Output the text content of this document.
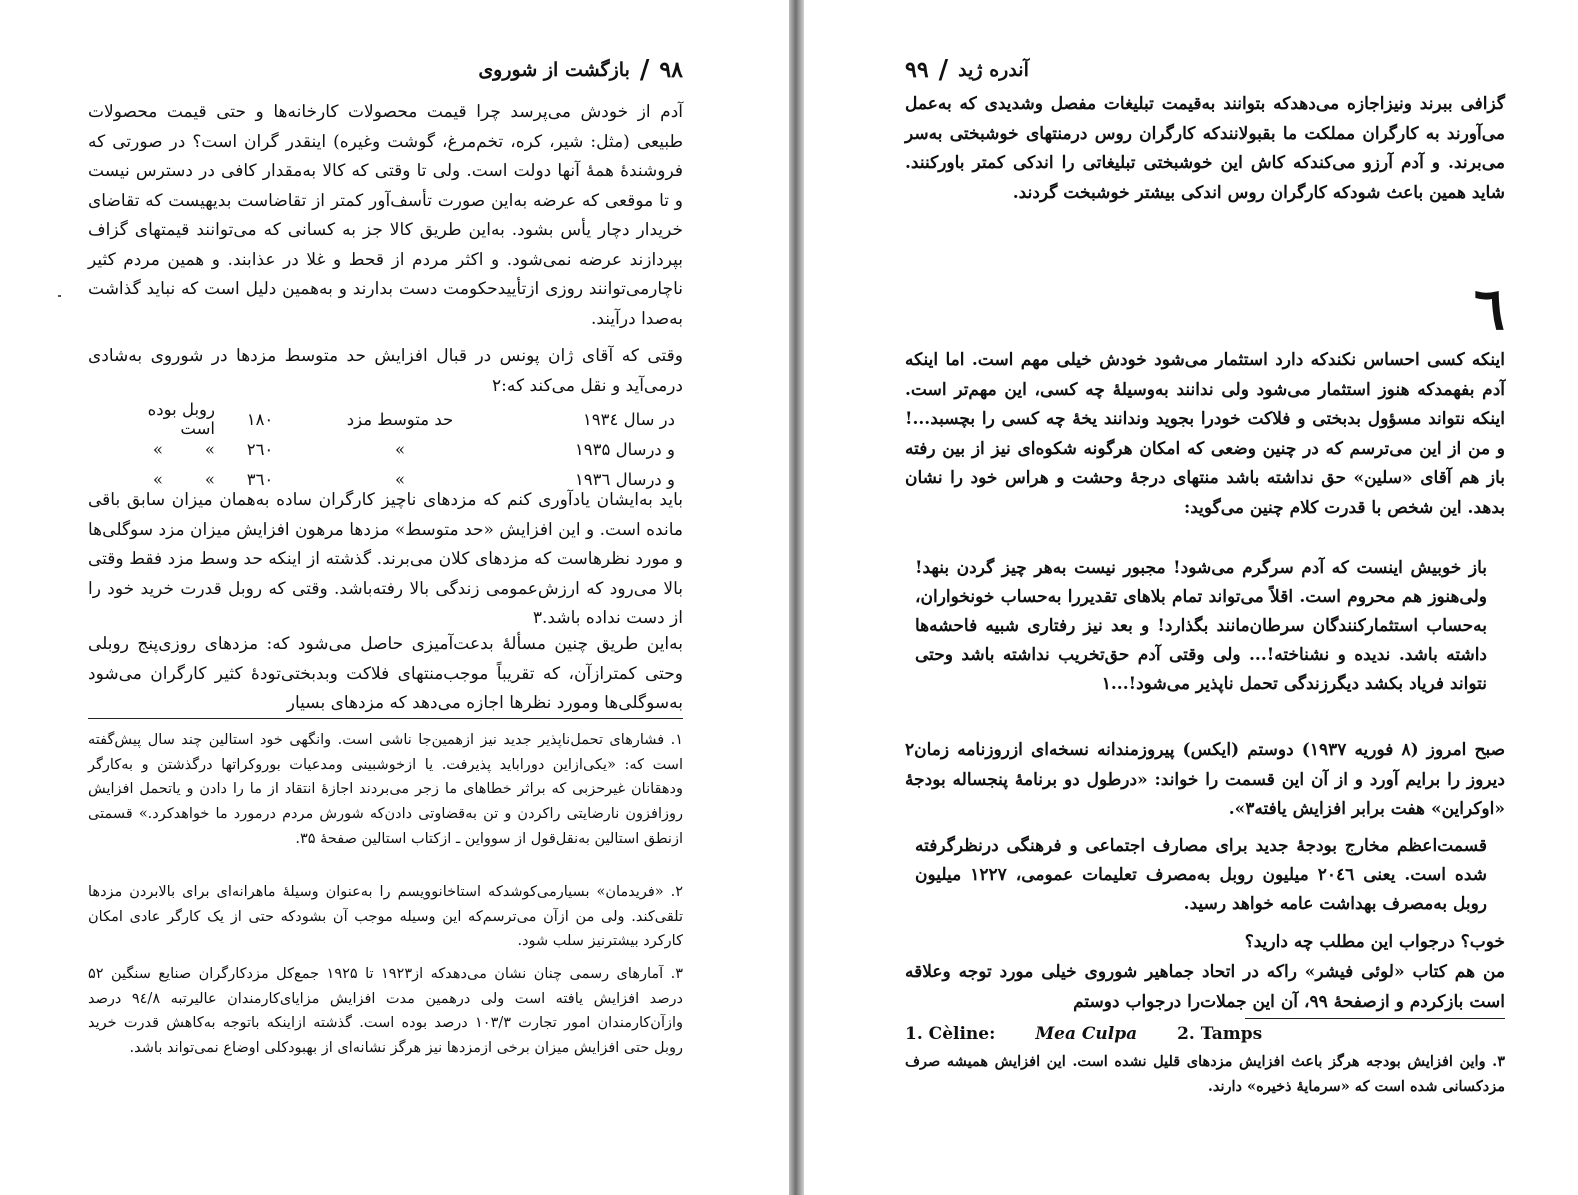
۹۸
/
بازگشت از شوروی

آدم از خودش می‌پرسد چرا قیمت محصولات کارخانه‌ها و حتی قیمت محصولات طبیعی (مثل: شیر، کره، تخم‌مرغ، گوشت وغیره) اینقدر گران است؟ در صورتی که فروشندهٔ همهٔ آنها دولت است. ولی تا وقتی که کالا به‌مقدار کافی در دسترس نیست و تا موقعی که عرضه به‌این صورت تأسف‌آور کمتر از تقاضاست بدیهیست که تقاضای خریدار دچار یأس بشود. به‌این طریق کالا جز به کسانی که می‌توانند قیمتهای گزاف بپردازند عرضه نمی‌شود. و اکثر مردم از قحط و غلا در عذابند. و همین مردم کثیر ناچارمی‌توانند روزی ازتأییدحکومت دست بدارند و به‌همین دلیل است که نباید گذاشت به‌صدا درآیند.

وقتی که آقای ژان پونس در قبال افزایش حد متوسط مزدها در شوروی به‌شادی درمی‌آید و نقل می‌کند که:۲

در سال ۱۹۳٤
حد متوسط مزد
۱۸۰
روبل بوده است
و درسال ۱۹۳۵
»
۲٦۰
»        »
و درسال ۱۹۳٦
»
۳٦۰
»        »

باید به‌ایشان یادآوری کنم که مزدهای ناچیز کارگران ساده به‌همان میزان سابق باقی مانده است. و این افزایش «حد متوسط» مزدها مرهون افزایش میزان مزد سوگلی‌ها و مورد نظرهاست که مزدهای کلان می‌برند. گذشته از اینکه حد وسط مزد فقط وقتی بالا می‌رود که ارزش‌عمومی زندگی بالا رفته‌باشد. وقتی که روبل قدرت خرید خود را از دست نداده باشد.۳

به‌این طریق چنین مسألهٔ بدعت‌آمیزی حاصل می‌شود که: مزدهای روزی‌پنج روبلی وحتی کمترازآن، که تقریباً موجب‌منتهای فلاکت وبدبختی‌تودهٔ کثیر کارگران می‌شود به‌سوگلی‌ها ومورد نظرها اجازه می‌دهد که مزدهای بسیار

۱. فشارهای تحمل‌ناپذیر جدید نیز ازهمین‌جا ناشی است. وانگهی خود استالین چند سال پیش‌گفته است که: «یکی‌ازاین دوراباید پذیرفت. یا ازخوشبینی ومدعیات بوروکراتها درگذشتن و به‌کارگر ودهقانان غیرحزبی که براثر خطاهای ما زجر می‌بردند اجازهٔ انتقاد از ما را دادن و یاتحمل افزایش روزافزون نارضایتی راکردن و تن به‌قضاوتی دادن‌که شورش مردم درمورد ما خواهدکرد.» قسمتی ازنطق استالین به‌نقل‌قول از سوواین ـ ازکتاب استالین صفحهٔ ۳۵.

۲. «فریدمان» بسیارمی‌کوشدکه استاخانوویسم را به‌عنوان وسیلهٔ ماهرانه‌ای برای بالابردن مزدها تلقی‌کند. ولی من ازآن می‌ترسم‌که این وسیله موجب آن بشودکه حتی از یک کارگر عادی امکان کارکرد بیشترنیز سلب شود.

۳. آمارهای رسمی چنان نشان می‌دهدکه از۱۹۲۳ تا ۱۹۲۵ جمع‌کل مزدکارگران صنایع سنگین ۵۲ درصد افزایش یافته است ولی درهمین مدت افزایش مزایای‌کارمندان عالیرتبه ۹٤/۸ درصد وازآن‌کارمندان امور تجارت ۱۰۳/۳ درصد بوده است. گذشته ازاینکه باتوجه به‌کاهش قدرت خرید روبل حتی افزایش میزان برخی ازمزدها نیز هرگز نشانه‌ای از بهبودکلی اوضاع نمی‌تواند باشد.

آندره ژید
/
۹۹

گزافی ببرند ونیزاجازه می‌دهدکه بتوانند به‌قیمت تبلیغات مفصل وشدیدی که به‌عمل می‌آورند به کارگران مملکت ما بقبولانندکه کارگران روس درمنتهای خوشبختی به‌سر می‌برند. و آدم آرزو می‌کندکه کاش این خوشبختی تبلیغاتی را اندکی کمتر باورکنند. شاید همین باعث شودکه کارگران روس اندکی بیشتر خوشبخت گردند.

٦

اینکه کسی احساس نکندکه دارد استثمار می‌شود خودش خیلی مهم است. اما اینکه آدم بفهمدکه هنوز استثمار می‌شود ولی ندانند به‌وسیلهٔ چه کسی، این مهم‌تر است. اینکه نتواند مسؤول بدبختی و فلاکت خودرا بجوید وندانند یخهٔ چه کسی را بچسبد...! و من از این می‌ترسم که در چنین وضعی که امکان هرگونه شکوه‌ای نیز از بین رفته باز هم آقای «سلین» حق نداشته باشد منتهای درجهٔ وحشت و هراس خود را نشان بدهد. این شخص با قدرت کلام چنین می‌گوید:

باز خوبیش اینست که آدم سرگرم می‌شود! مجبور نیست به‌هر چیز گردن بنهد! ولی‌هنوز هم محروم است. اقلاً می‌تواند تمام بلاهای تقدیررا به‌حساب خونخواران، به‌حساب استثمارکنندگان سرطان‌مانند بگذارد! و بعد نیز رفتاری شبیه فاحشه‌ها داشته باشد. ندیده و نشناخته!... ولی وقتی آدم حق‌تخریب نداشته باشد وحتی نتواند فریاد بکشد دیگرزندگی تحمل ناپذیر می‌شود!...۱

صبح امروز (۸ فوریه ۱۹۳۷) دوستم (ایکس) پیروزمندانه نسخه‌ای ازروزنامه زمان۲ دیروز را برایم آورد و از آن این قسمت را خواند: «درطول دو برنامهٔ پنجساله بودجهٔ «اوکراین» هفت برابر افزایش یافته۳».

قسمت‌اعظم مخارج بودجهٔ جدید برای مصارف اجتماعی و فرهنگی درنظرگرفته شده است. یعنی ۲۰٤٦ میلیون روبل به‌مصرف تعلیمات عمومی، ۱۲۲۷ میلیون روبل به‌مصرف بهداشت عامه خواهد رسید.

خوب؟ درجواب این مطلب چه دارید؟

من هم کتاب «لوئی فیشر» راکه در اتحاد جماهیر شوروی خیلی مورد توجه وعلاقه است بازکردم و ازصفحهٔ ۹۹، آن این جملات‌را درجواب دوستم

1. Cèline: Mea Culpa 2. Tamps

۳. واین افزایش بودجه هرگز باعث افزایش مزدهای قلیل نشده است. این افزایش همیشه صرف مزدکسانی شده است که «سرمایهٔ ذخیره» دارند.
